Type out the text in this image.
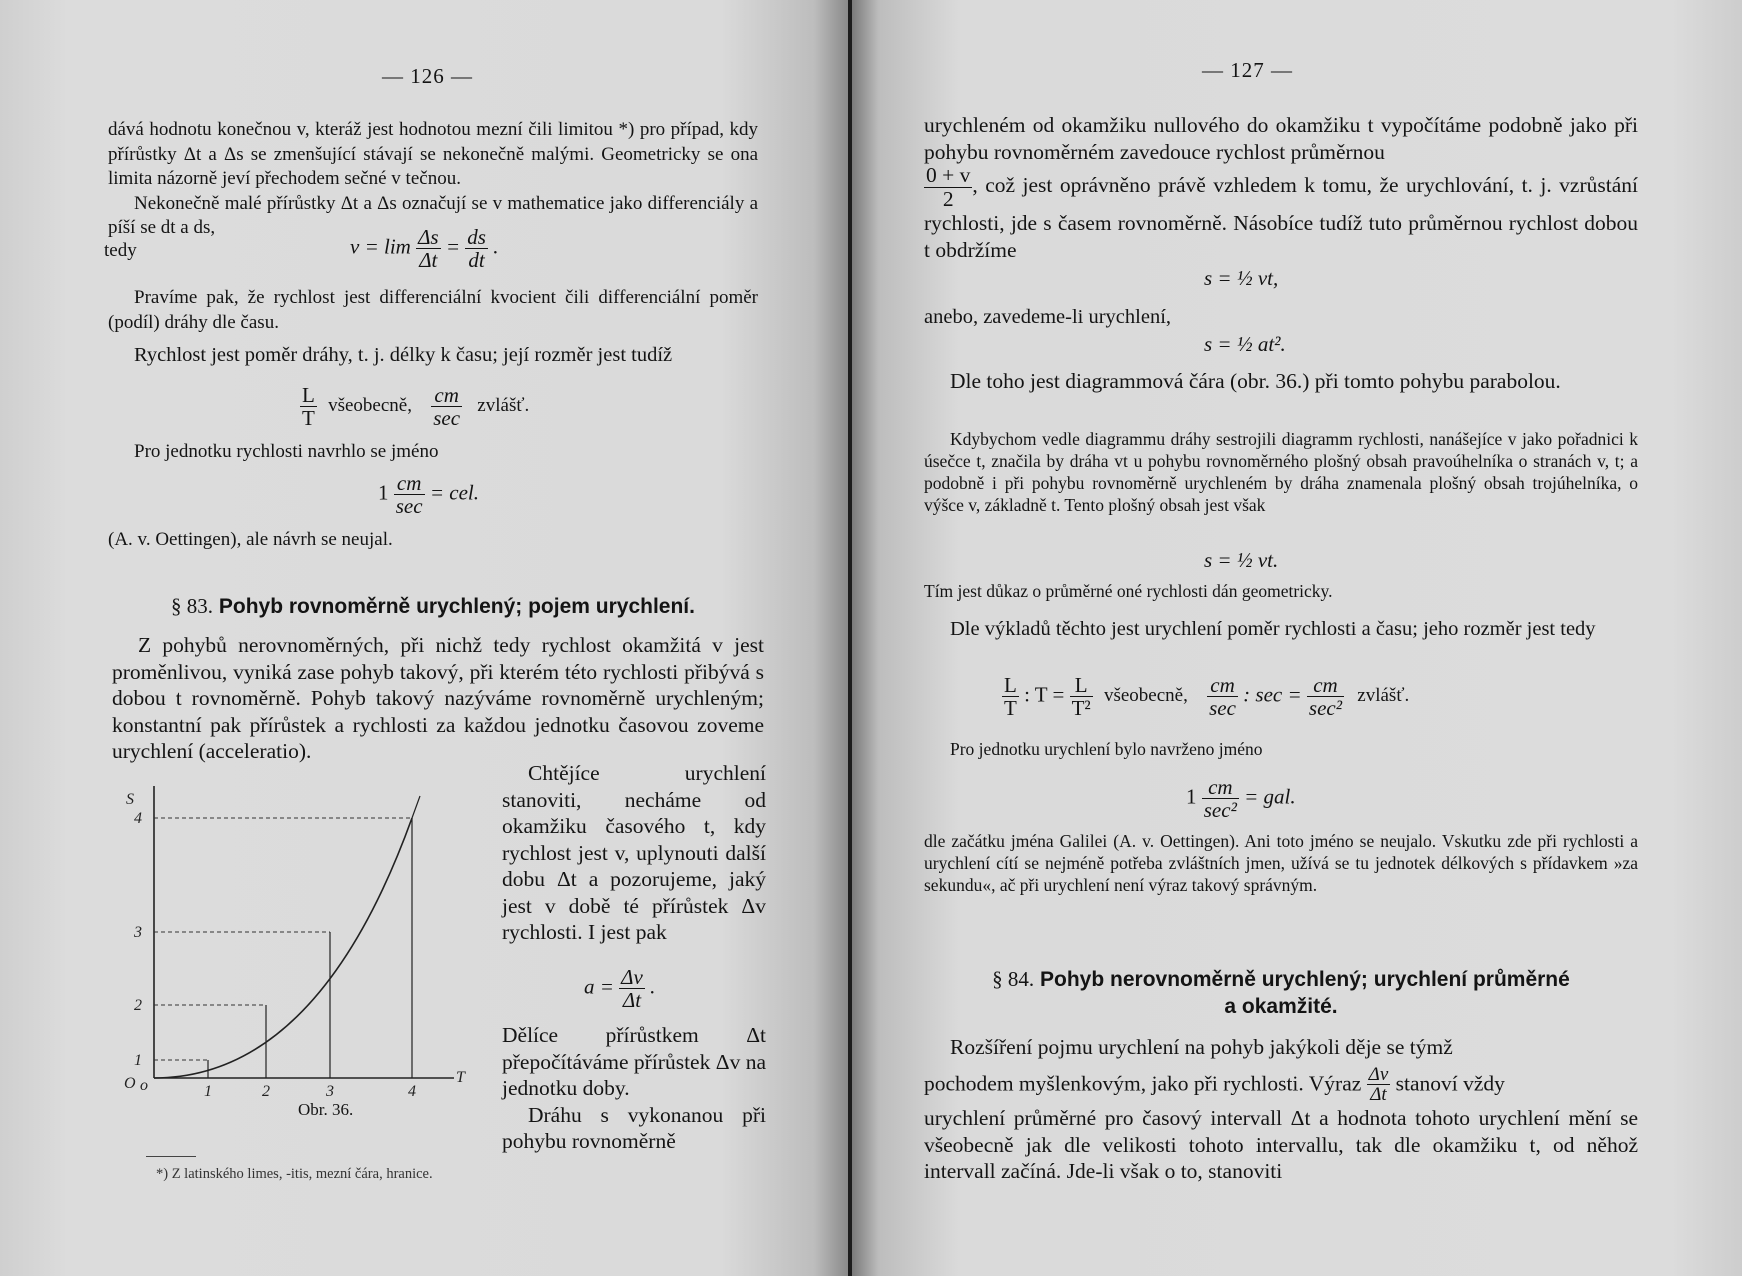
— 126 —

dává hodnotu konečnou v, kteráž jest hodnotou mezní čili limitou *) pro případ, kdy přírůstky Δt a Δs se zmenšující stávají se nekonečně malými. Geometricky se ona limita názorně jeví přechodem sečné v tečnou.

Nekonečně malé přírůstky Δt a Δs označují se v mathematice jako differenciály a píší se dt a ds,

tedy	$v = \lim \frac{\Delta s}{\Delta t} = \frac{ds}{dt}$ .

Pravíme pak, že rychlost jest differenciální kvocient čili differenciální poměr (podíl) dráhy dle času.

Rychlost jest poměr dráhy, t. j. délky k času; její rozměr jest tudíž

$\frac{L}{T}$ všeobecně, $\frac{cm}{\sec}$ zvlášť.

Pro jednotku rychlosti navrhlo se jméno

$1 \frac{cm}{\sec}$ = cel.

(A. v. Oettingen), ale návrh se neujal.

§ 83. Pohyb rovnoměrně urychlený; pojem urychlení.

Z pohybů nerovnoměrných, při nichž tedy rychlost okamžitá v jest proměnlivou, vyniká zase pohyb takový, při kterém této rychlosti přibývá s dobou t rovnoměrně. Pohyb takový nazýváme rovnoměrně urychleným; konstantní pak přírůstek a rychlosti za každou jednotku časovou zoveme urychlení (acceleratio).

S
T
O o	1	2	3	4
1
2
3
4
Obr. 36.

Chtějíce urychlení stanoviti, necháme od okamžiku časového t, kdy rychlost jest v, uplynouti další dobu Δt a pozorujeme, jaký jest v době té přírůstek Δv rychlosti. I jest pak

$a = \frac{\Delta v}{\Delta t}$ .

Dělíce přírůstkem Δt přepočítáváme přírůstek Δv na jednotku doby.

Dráhu s vykonanou při pohybu rovnoměrně

*) Z latinského limes, -itis, mezní čára, hranice.
— 127 —

urychleném od okamžiku nullového do okamžiku t vypočítáme podobně jako při pohybu rovnoměrném zavedouce rychlost průměrnou

$\frac{0 + v}{2}$ , což jest oprávněno právě vzhledem k tomu, že urychlování, t. j. vzrůstání rychlosti, jde s časem rovnoměrně. Násobíce tudíž tuto průměrnou rychlost dobou t obdržíme

s = ½ vt,

anebo, zavedeme-li urychlení,

s = ½ at².

Dle toho jest diagrammová čára (obr. 36.) při tomto pohybu parabolou.

Kdybychom vedle diagrammu dráhy sestrojili diagramm rychlosti, nanášejíce v jako pořadnici k úsečce t, značila by dráha vt u pohybu rovnoměrného plošný obsah pravoúhelníka o stranách v, t; a podobně i při pohybu rovnoměrně urychleném by dráha znamenala plošný obsah trojúhelníka, o výšce v, základně t. Tento plošný obsah jest však

s = ½ vt.

Tím jest důkaz o průměrné oné rychlosti dán geometricky.

Dle výkladů těchto jest urychlení poměr rychlosti a času; jeho rozměr jest tedy

$\frac{L}{T}$ : $T = \frac{L}{\text{T²}}$ všeobecně, $\frac{cm}{\sec}$ : $\sec = \frac{cm}{\text{sec²}}$ zvlášť.

Pro jednotku urychlení bylo navrženo jméno

$1 \frac{cm}{\text{sec²}}$ = gal.

dle začátku jména Galilei (A. v. Oettingen). Ani toto jméno se neujalo. Vskutku zde při rychlosti a urychlení cítí se nejméně potřeba zvláštních jmen, užívá se tu jednotek délkových s přídavkem »za sekundu«, ač při urychlení není výraz takový správným.

§ 84. Pohyb nerovnoměrně urychlený; urychlení průměrné
a okamžité.

Rozšíření pojmu urychlení na pohyb jakýkoli děje se týmž

pochodem myšlenkovým, jako při rychlosti. Výraz $\frac{\Delta v}{\Delta t}$ stanoví vždy

urychlení průměrné pro časový intervall Δt a hodnota tohoto urychlení mění se všeobecně jak dle velikosti tohoto intervallu, tak dle okamžiku t, od něhož intervall začíná. Jde-li však o to, stanoviti
